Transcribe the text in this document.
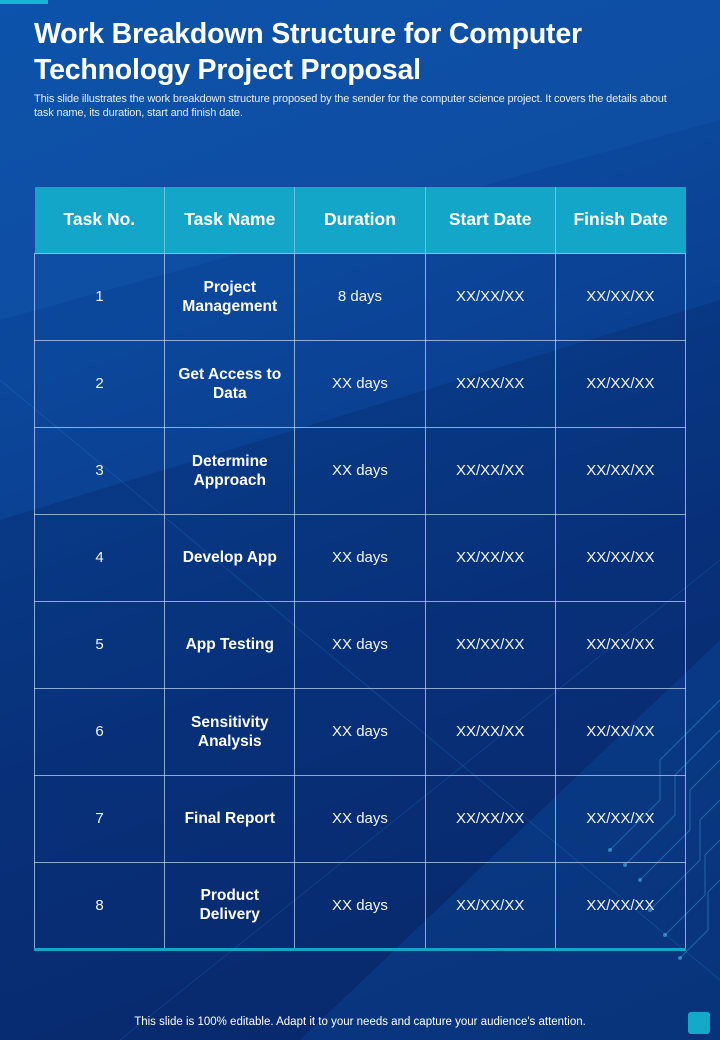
Work Breakdown Structure for Computer Technology Project Proposal

This slide illustrates the work breakdown structure proposed by the sender for the computer science project. It covers the details about task name, its duration, start and finish date.

Task No.	Task Name	Duration	Start Date	Finish Date
1	Project Management	8 days	XX/XX/XX	XX/XX/XX
2	Get Access to Data	XX days	XX/XX/XX	XX/XX/XX
3	Determine Approach	XX days	XX/XX/XX	XX/XX/XX
4	Develop App	XX days	XX/XX/XX	XX/XX/XX
5	App Testing	XX days	XX/XX/XX	XX/XX/XX
6	Sensitivity Analysis	XX days	XX/XX/XX	XX/XX/XX
7	Final Report	XX days	XX/XX/XX	XX/XX/XX
8	Product Delivery	XX days	XX/XX/XX	XX/XX/XX
This slide is 100% editable. Adapt it to your needs and capture your audience's attention.
